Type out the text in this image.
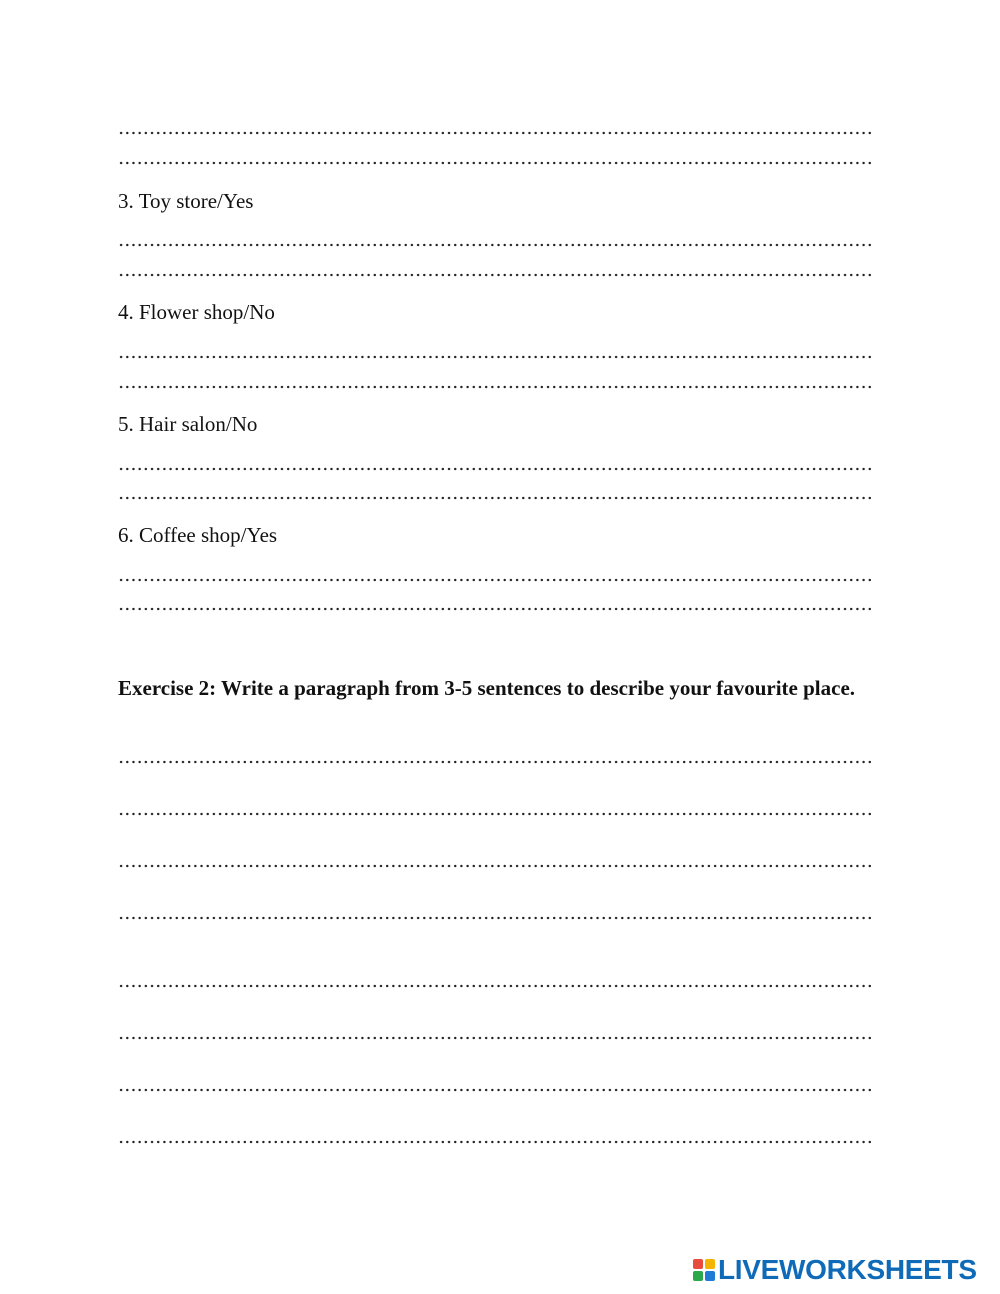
3. Toy store/Yes
4. Flower shop/No
5. Hair salon/No
6. Coffee shop/Yes
Exercise 2: Write a paragraph from 3-5 sentences to describe your favourite place.
LIVEWORKSHEETS
